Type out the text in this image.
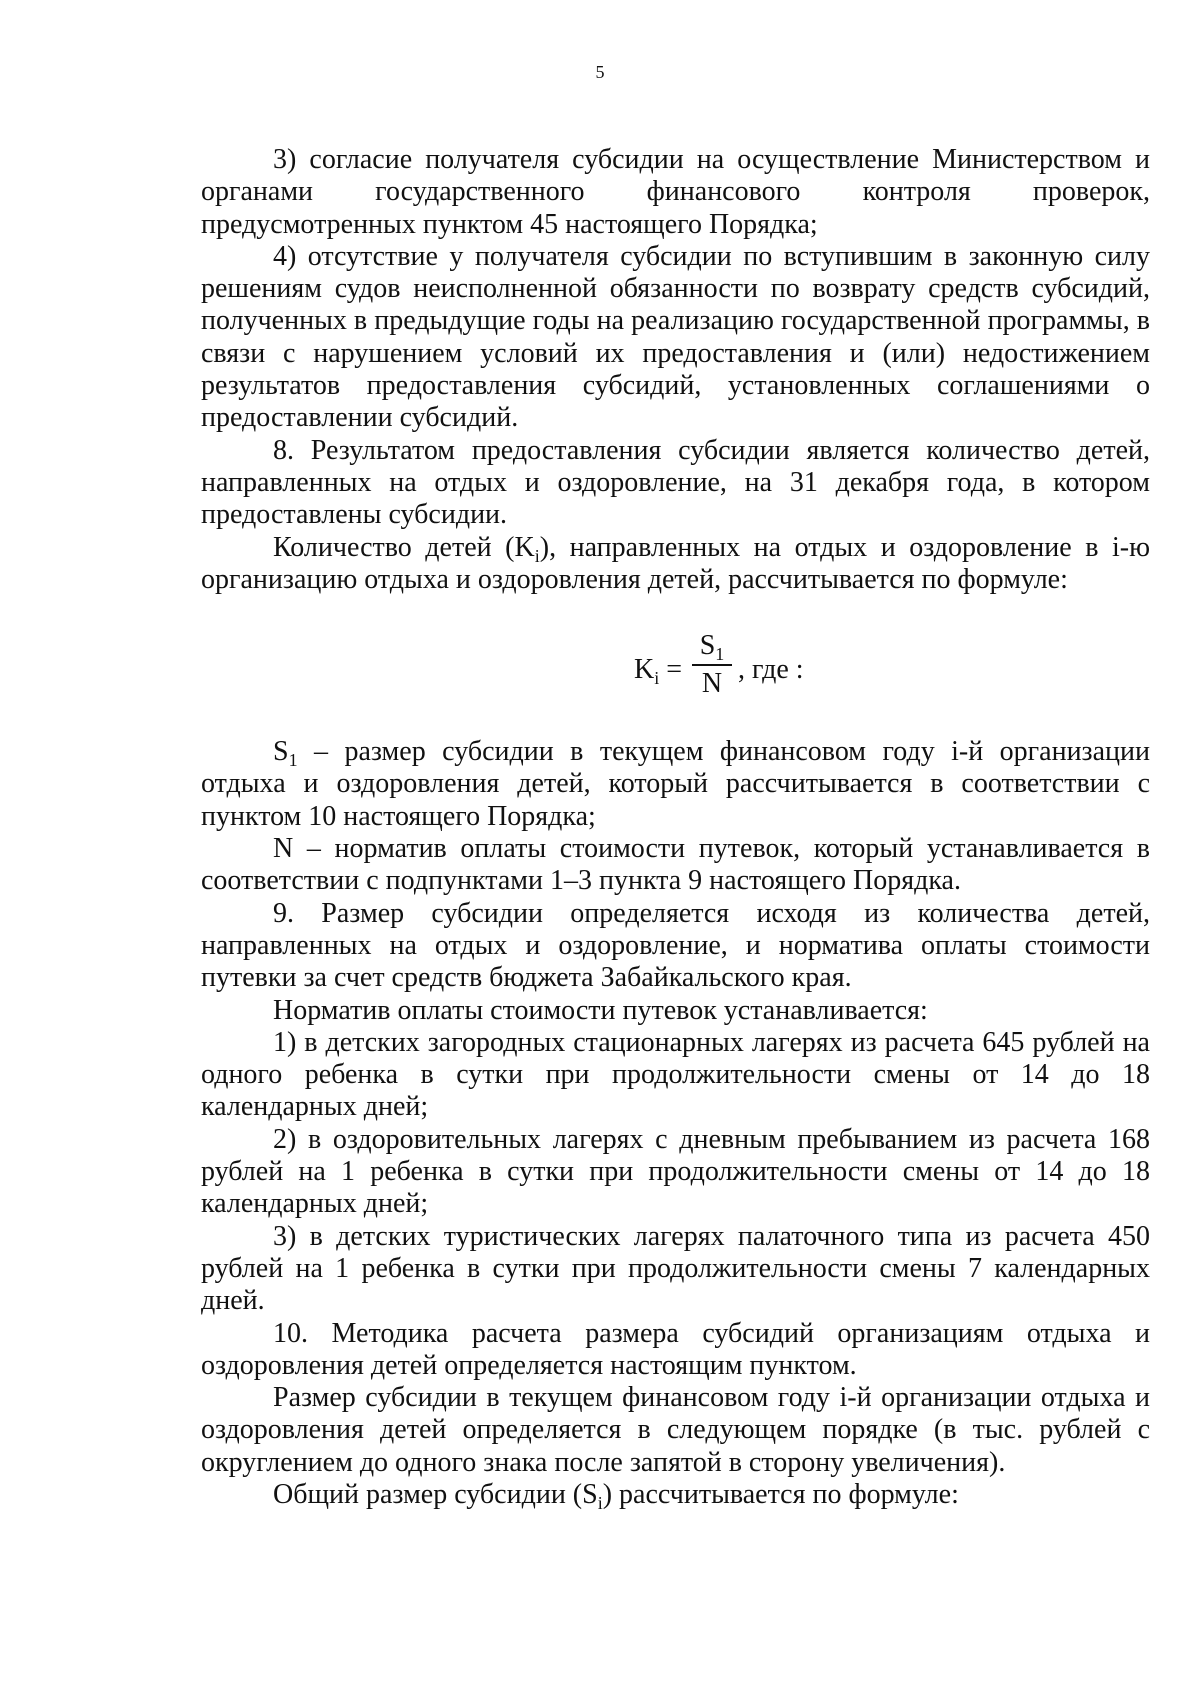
5

3) согласие получателя субсидии на осуществление Министерством и органами государственного финансового контроля проверок, предусмотренных пунктом 45 настоящего Порядка;

4) отсутствие у получателя субсидии по вступившим в законную силу решениям судов неисполненной обязанности по возврату средств субсидий, полученных в предыдущие годы на реализацию государственной программы, в связи с нарушением условий их предоставления и (или) недостижением результатов предоставления субсидий, установленных соглашениями о предоставлении субсидий.

8. Результатом предоставления субсидии является количество детей, направленных на отдых и оздоровление, на 31 декабря года, в котором предоставлены субсидии.

Количество детей $(K_i)$, направленных на отдых и оздоровление в i-ю организацию отдыха и оздоровления детей, рассчитывается по формуле:

$K_i$ =
$S_1$
N , где :

$S_1$ – размер субсидии в текущем финансовом году i-й организации отдыха и оздоровления детей, который рассчитывается в соответствии с пунктом 10 настоящего Порядка;

N – норматив оплаты стоимости путевок, который устанавливается в соответствии с подпунктами 1–3 пункта 9 настоящего Порядка.

9. Размер субсидии определяется исходя из количества детей, направленных на отдых и оздоровление, и норматива оплаты стоимости путевки за счет средств бюджета Забайкальского края.

Норматив оплаты стоимости путевок устанавливается:

1) в детских загородных стационарных лагерях из расчета 645 рублей на одного ребенка в сутки при продолжительности смены от 14 до 18 календарных дней;

2) в оздоровительных лагерях с дневным пребыванием из расчета 168 рублей на 1 ребенка в сутки при продолжительности смены от 14 до 18 календарных дней;

3) в детских туристических лагерях палаточного типа из расчета 450 рублей на 1 ребенка в сутки при продолжительности смены 7 календарных дней.

10. Методика расчета размера субсидий организациям отдыха и оздоровления детей определяется настоящим пунктом.

Размер субсидии в текущем финансовом году i-й организации отдыха и оздоровления детей определяется в следующем порядке (в тыс. рублей с округлением до одного знака после запятой в сторону увеличения).

Общий размер субсидии $(S_i)$ рассчитывается по формуле:
